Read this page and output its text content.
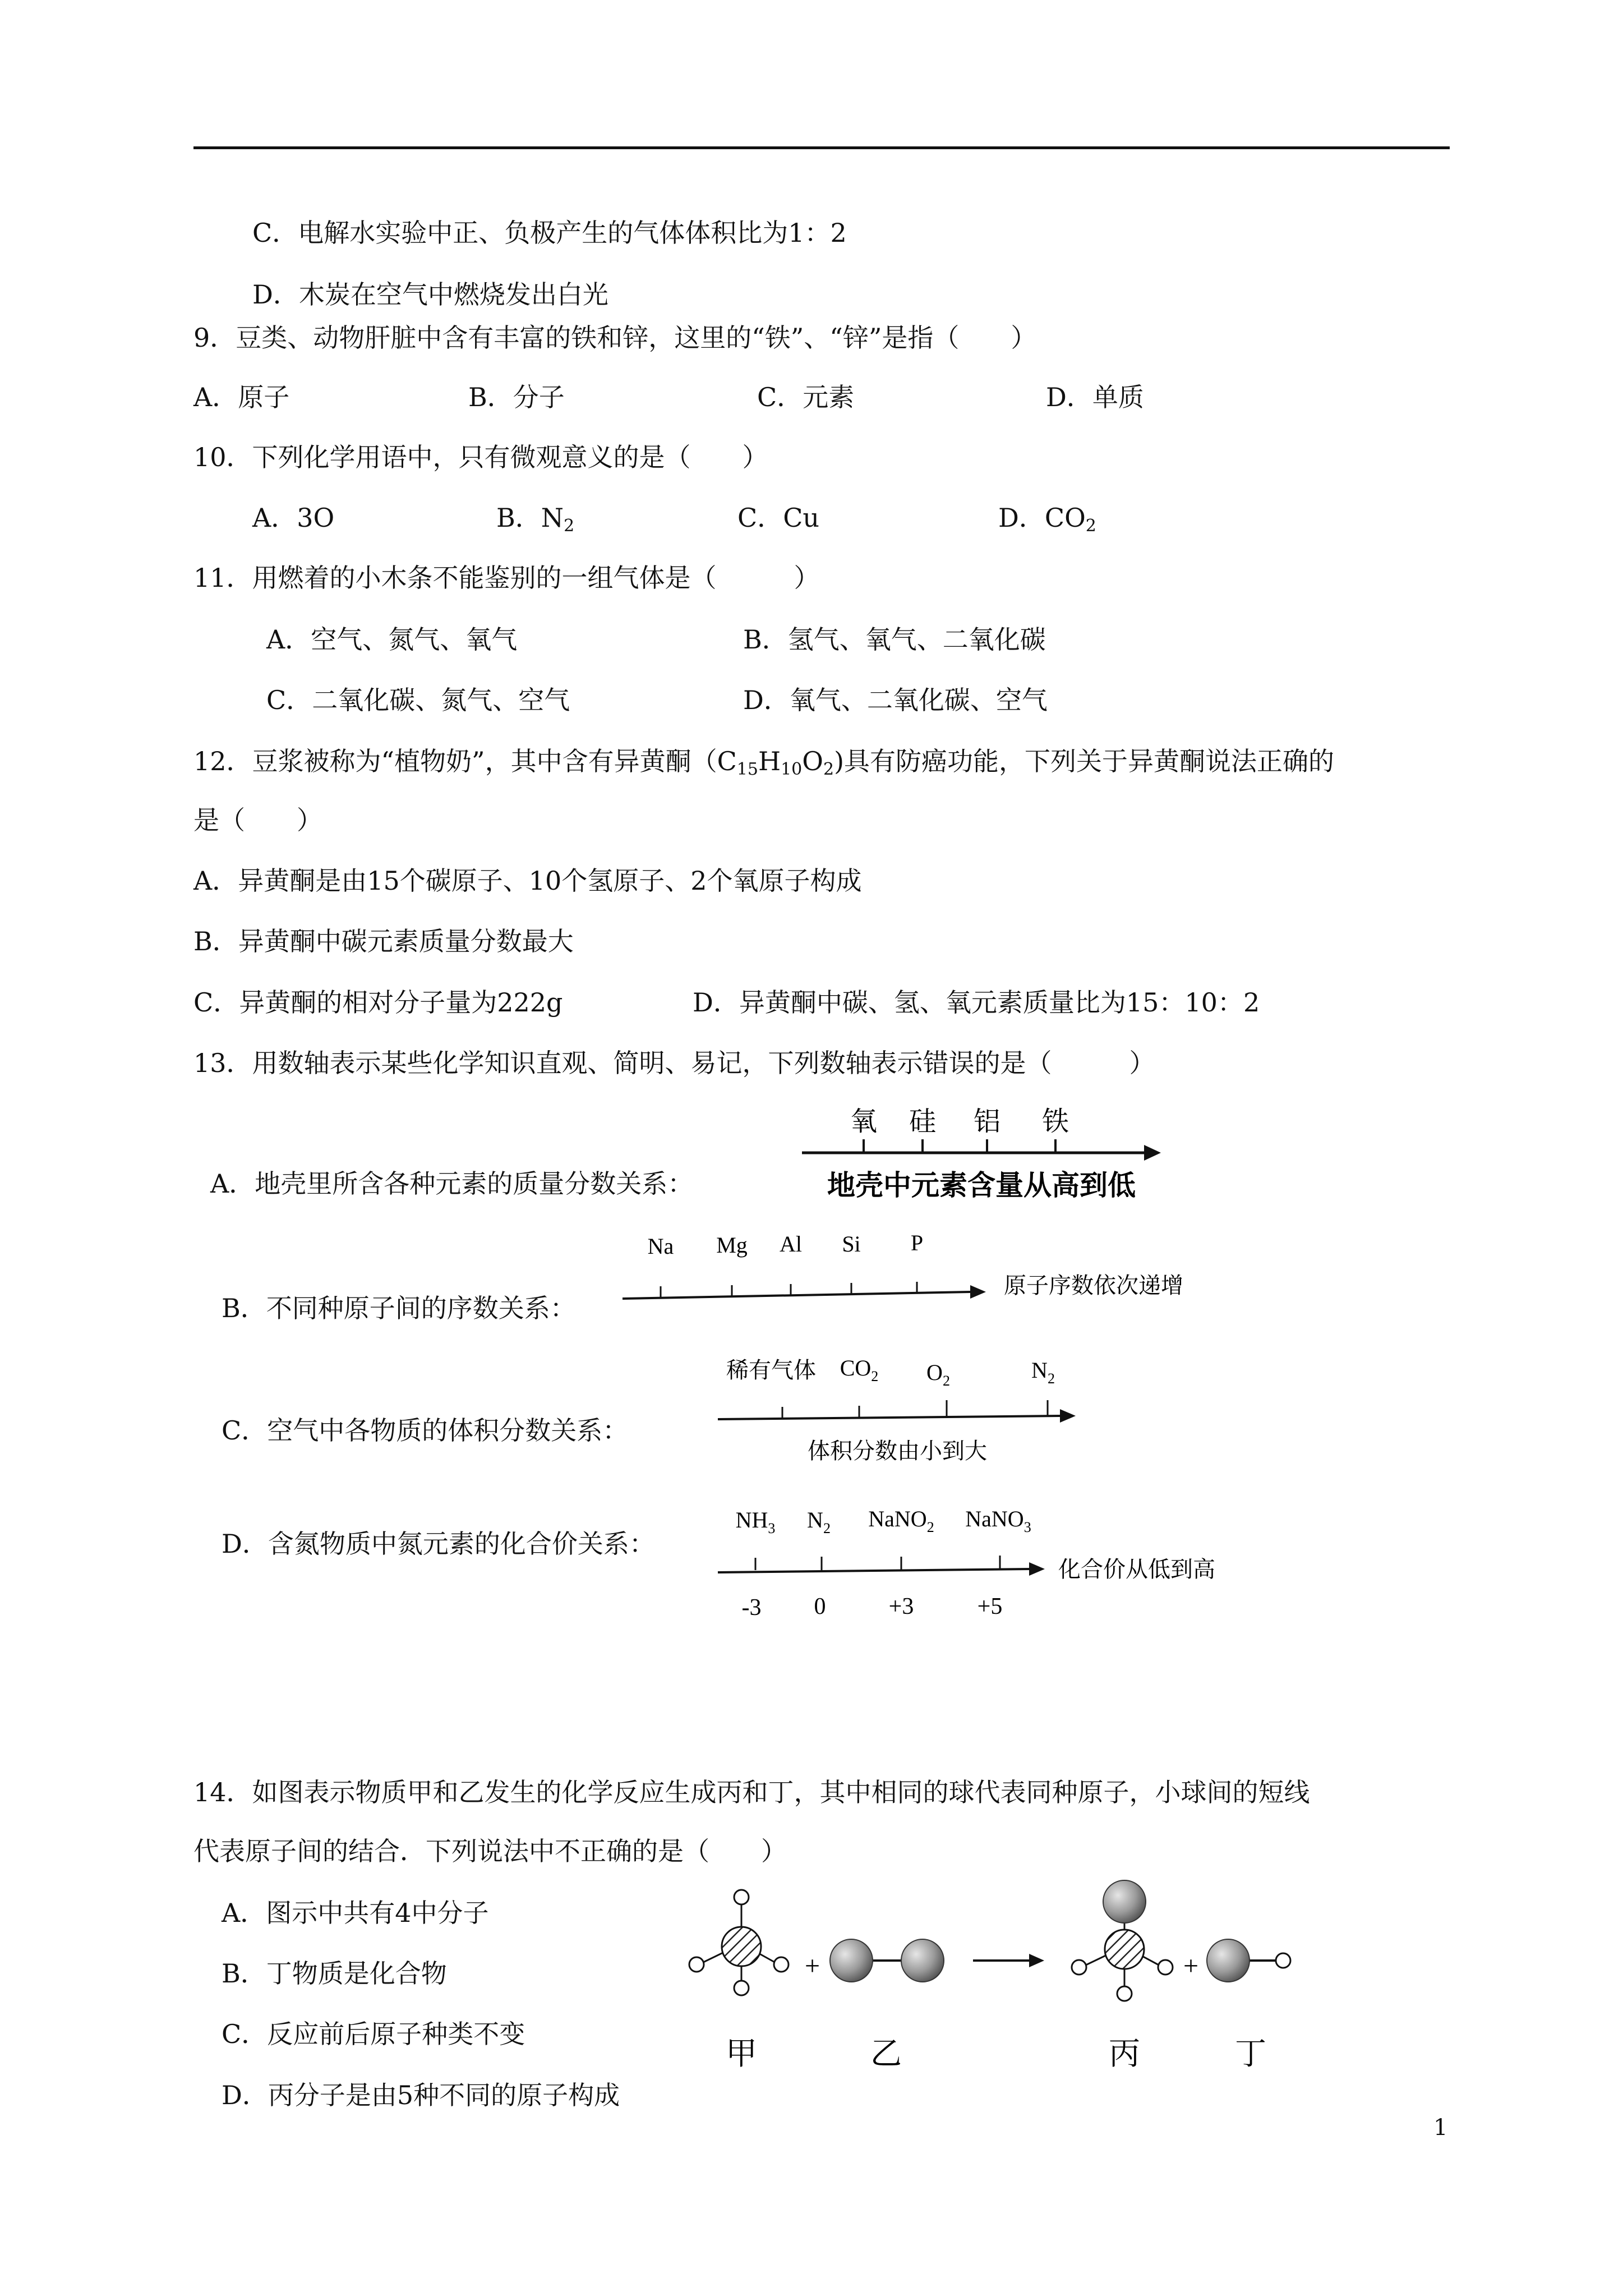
C．电解水实验中正、负极产生的气体体积比为1：2
D．木炭在空气中燃烧发出白光
9．豆类、动物肝脏中含有丰富的铁和锌，这里的“铁”、“锌”是指（　　）
A．原子	B．分子	C．元素	D．单质
10．下列化学用语中，只有微观意义的是（　　）
A．3O	B．$N_2$	C．Cu	D．$CO_2$
11．用燃着的小木条不能鉴别的一组气体是（　　　）
A．空气、氮气、氧气	B．氢气、氧气、二氧化碳
C．二氧化碳、氮气、空气	D．氧气、二氧化碳、空气
12．豆浆被称为“植物奶”，其中含有异黄酮$(C_{15}H_{10}O_2)$具有防癌功能，下列关于异黄酮说法正确的
是（　　）
A．异黄酮是由15个碳原子、10个氢原子、2个氧原子构成
B．异黄酮中碳元素质量分数最大
C．异黄酮的相对分子量为222g	D．异黄酮中碳、氢、氧元素质量比为15：10：2
13．用数轴表示某些化学知识直观、简明、易记，下列数轴表示错误的是（　　　）
A．地壳里所含各种元素的质量分数关系：
氧 硅 铝 铁
地壳中元素含量从高到低
B．不同种原子间的序数关系：
Na Mg Al Si P
原子序数依次递增
C．空气中各物质的体积分数关系：
稀有气体 $CO_2$ $O_2$	$N_2$
体积分数由小到大
D．含氮物质中氮元素的化合价关系：
$NH_3$ $N_2$ NaNO$_2$ NaNO$_3$
-3 0	+3	+5
化合价从低到高
14．如图表示物质甲和乙发生的化学反应生成丙和丁，其中相同的球代表同种原子，小球间的短线
代表原子间的结合．下列说法中不正确的是（　　）
A．图示中共有4中分子
B．丁物质是化合物
C．反应前后原子种类不变
D．丙分子是由5种不同的原子构成
+	+
甲	乙	丙	丁
1
